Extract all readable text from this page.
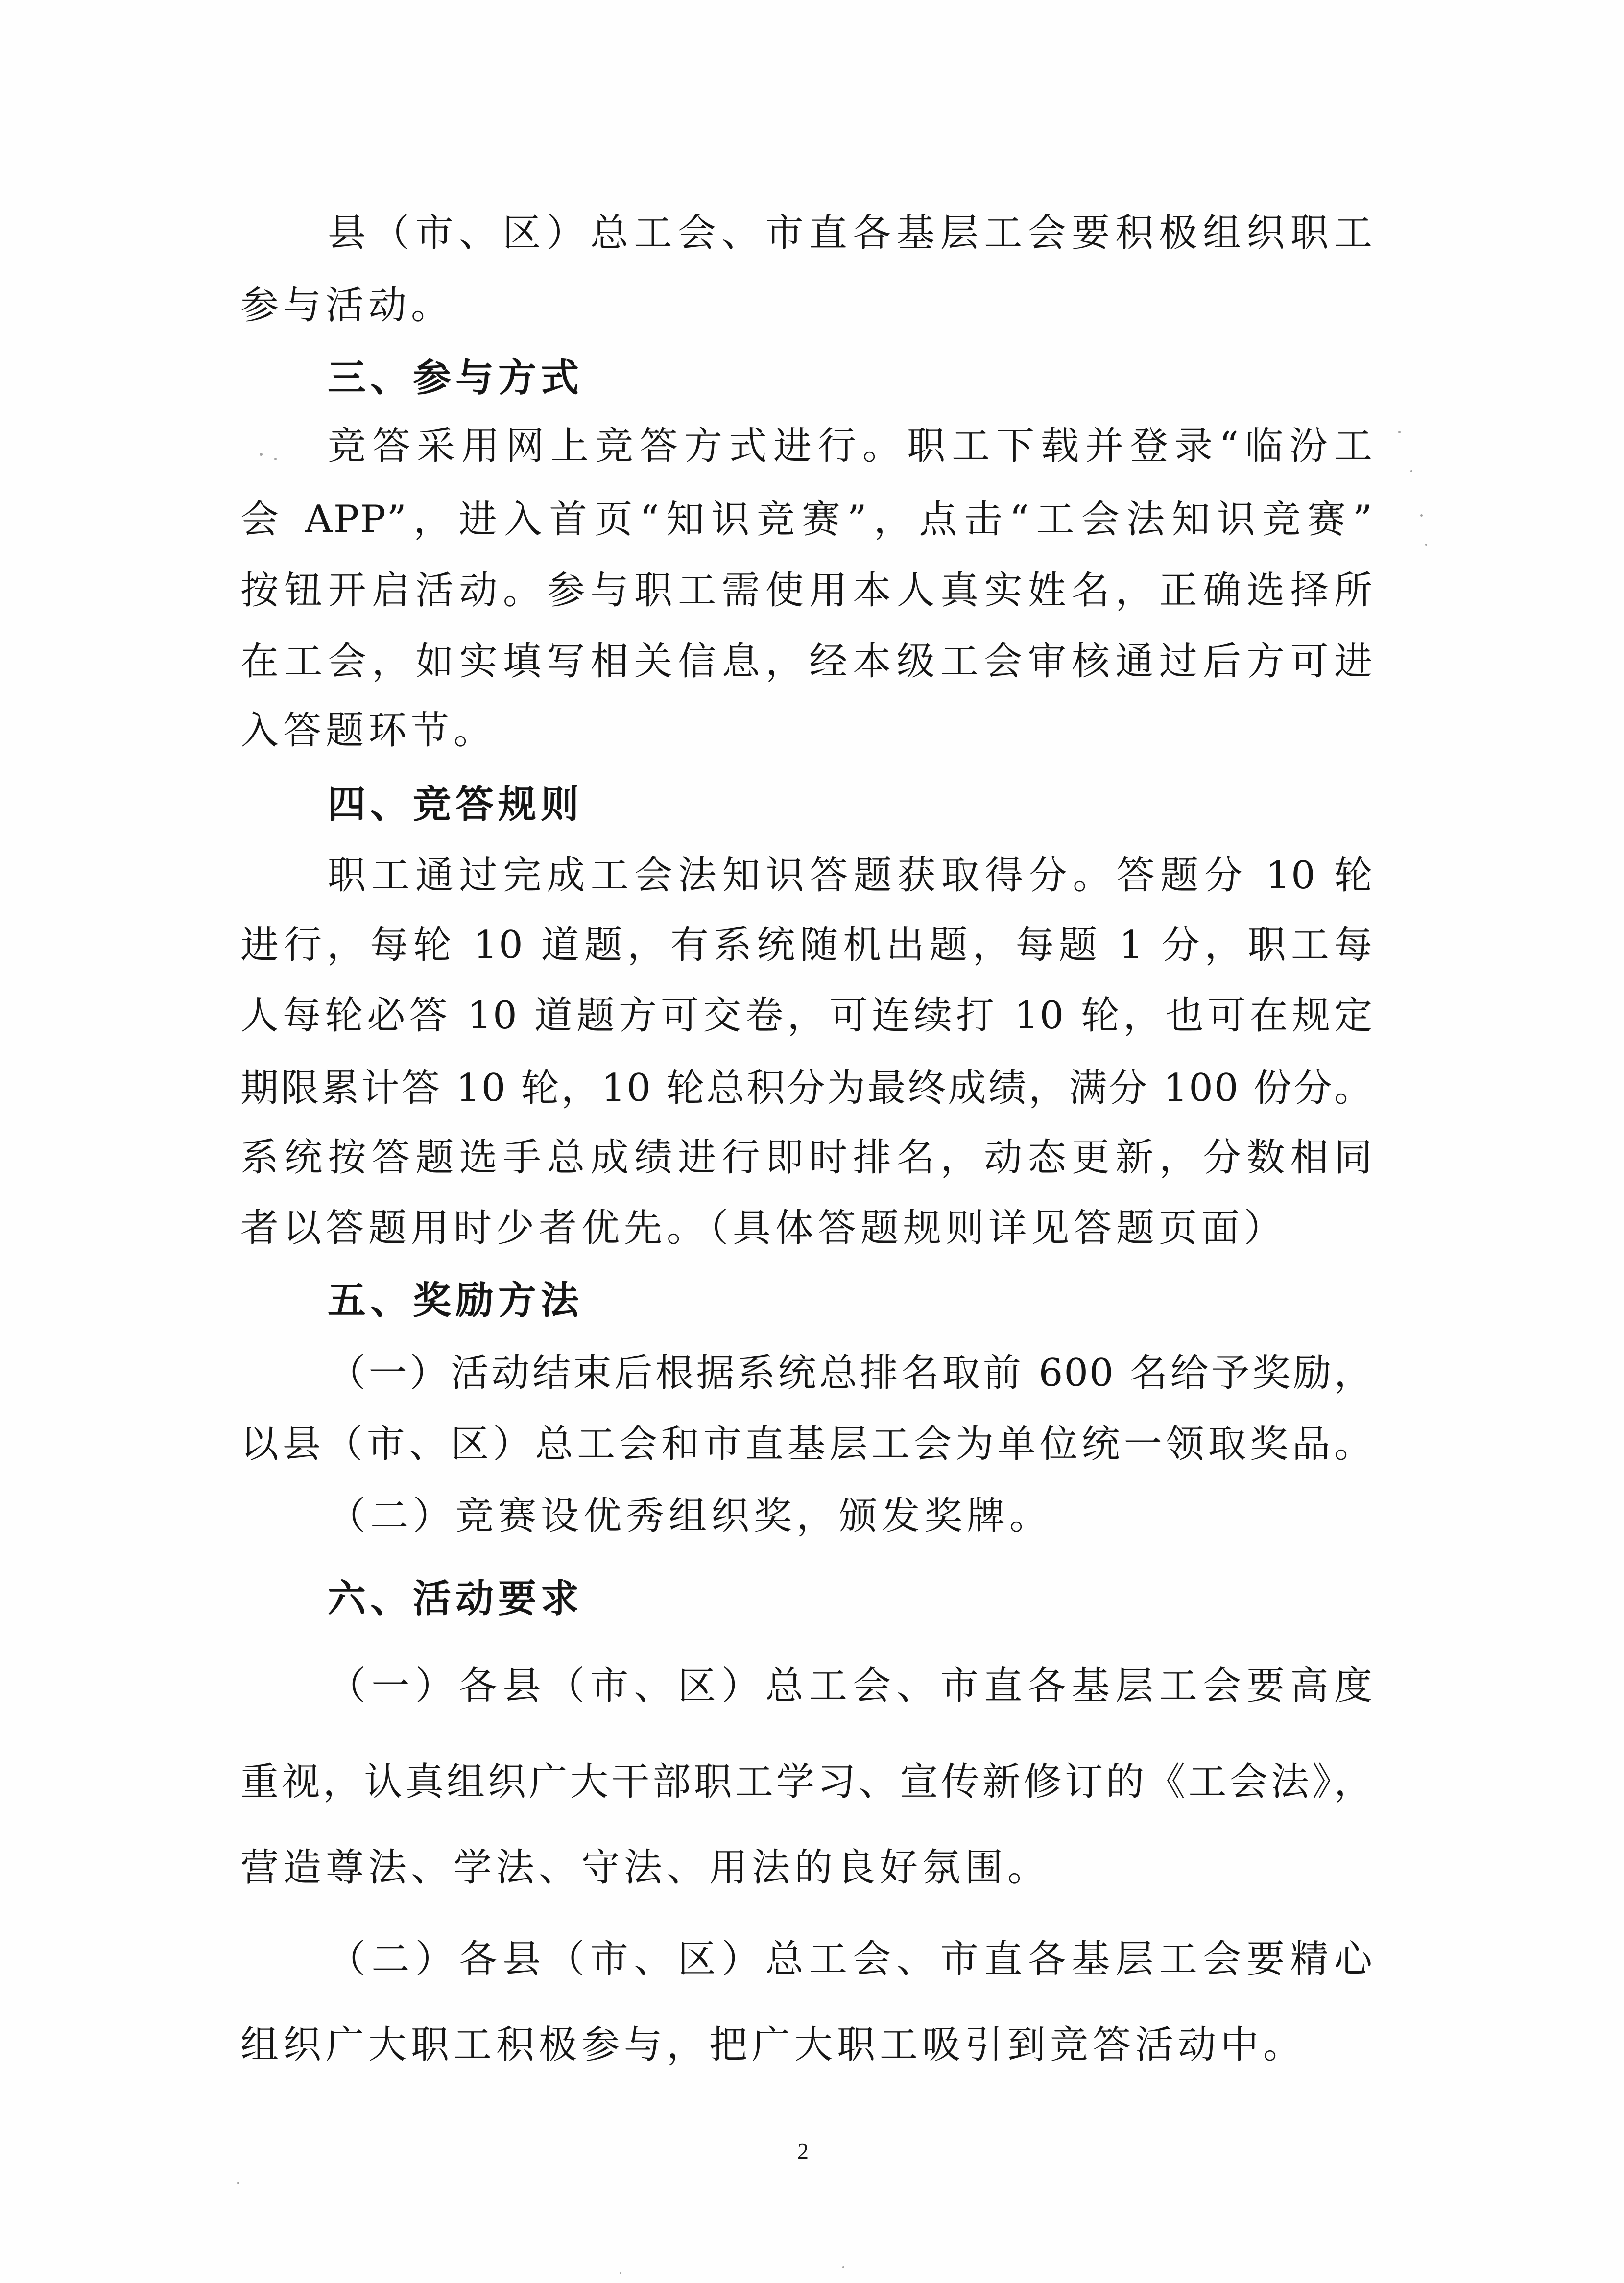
县（市、区）总工会、市直各基层工会要积极组织职工
参与活动。
三、参与方式
竞答采用网上竞答方式进行。职工下载并登录“临汾工
会 APP”，进入首页“知识竞赛”，点击“工会法知识竞赛”
按钮开启活动。参与职工需使用本人真实姓名，正确选择所
在工会，如实填写相关信息，经本级工会审核通过后方可进
入答题环节。
四、竞答规则
职工通过完成工会法知识答题获取得分。答题分 10 轮
进行，每轮 10 道题，有系统随机出题，每题 1 分，职工每
人每轮必答 10 道题方可交卷，可连续打 10 轮，也可在规定
期限累计答 10 轮，10 轮总积分为最终成绩，满分 100 份分。
系统按答题选手总成绩进行即时排名，动态更新，分数相同
者以答题用时少者优先。（具体答题规则详见答题页面）
五、奖励方法
（一）活动结束后根据系统总排名取前 600 名给予奖励，
以县（市、区）总工会和市直基层工会为单位统一领取奖品。
（二）竞赛设优秀组织奖，颁发奖牌。
六、活动要求
（一）各县（市、区）总工会、市直各基层工会要高度
重视，认真组织广大干部职工学习、宣传新修订的《工会法》，
营造尊法、学法、守法、用法的良好氛围。
（二）各县（市、区）总工会、市直各基层工会要精心
组织广大职工积极参与，把广大职工吸引到竞答活动中。
2
